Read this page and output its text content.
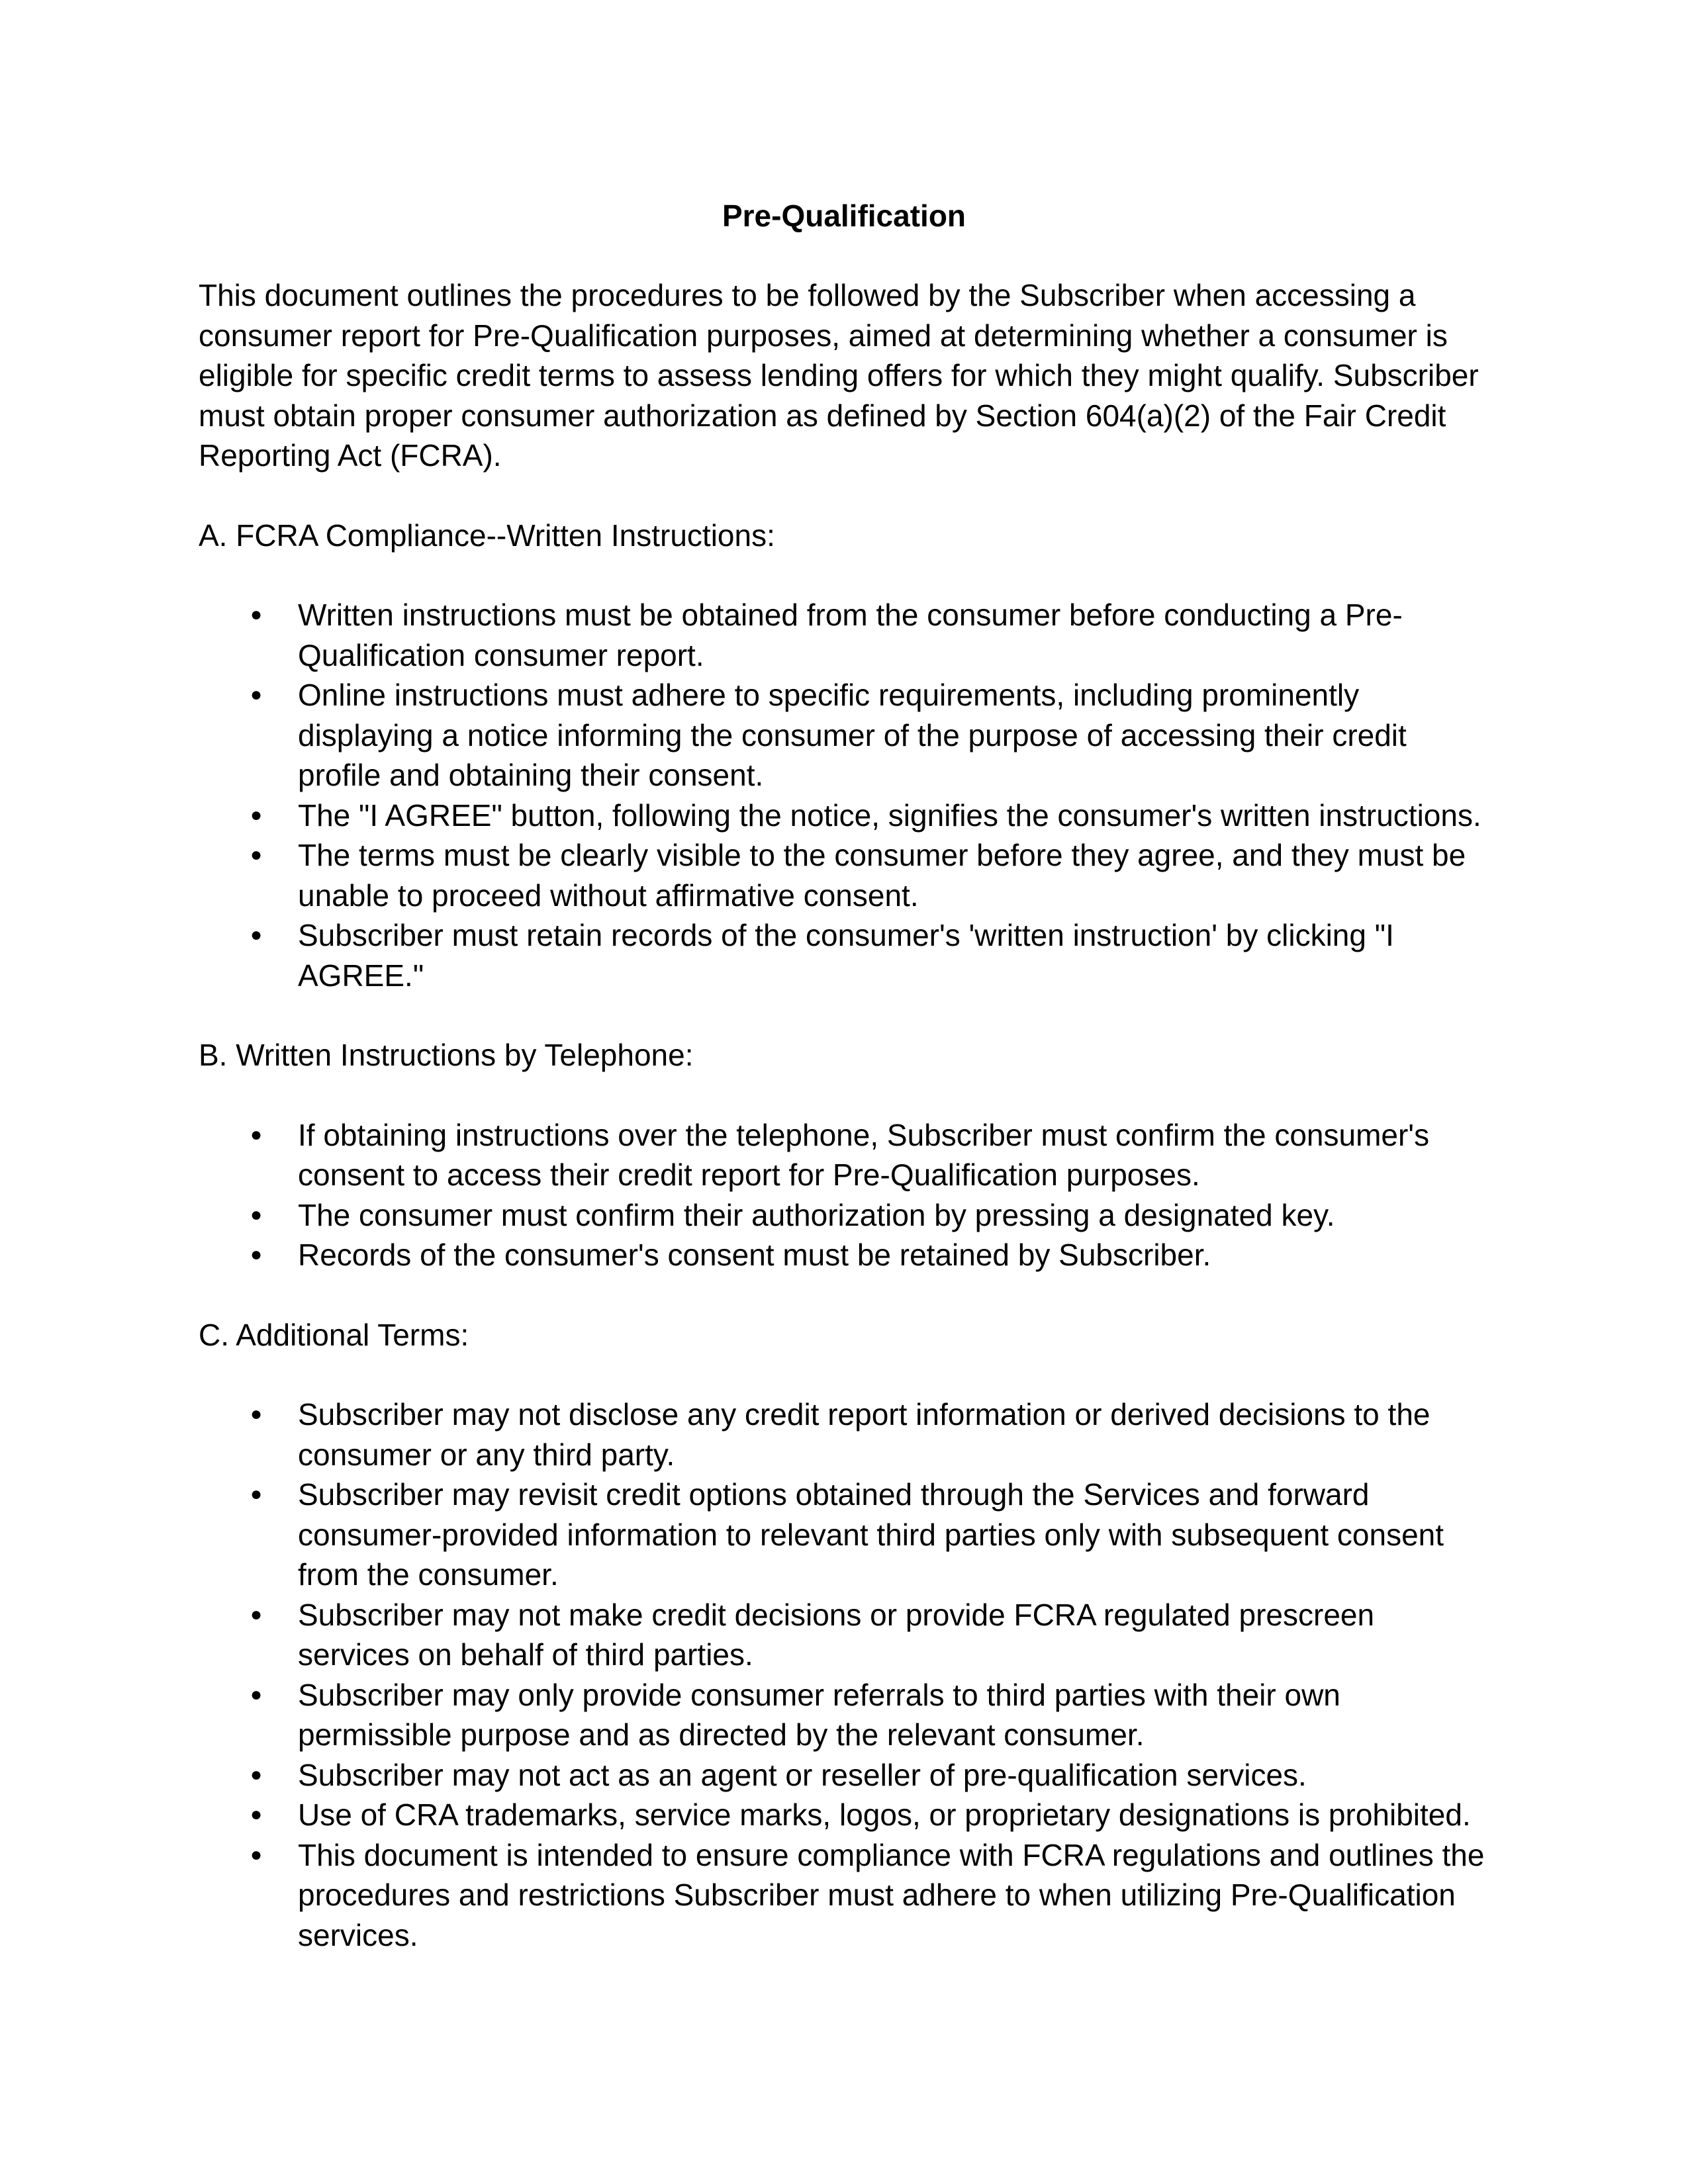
Pre-Qualification
This document outlines the procedures to be followed by the Subscriber when accessing a consumer report for Pre-Qualification purposes, aimed at determining whether a consumer is eligible for specific credit terms to assess lending offers for which they might qualify. Subscriber must obtain proper consumer authorization as defined by Section 604(a)(2) of the Fair Credit Reporting Act (FCRA).
A. FCRA Compliance--Written Instructions:
● Written instructions must be obtained from the consumer before conducting a Pre-Qualification consumer report.
● Online instructions must adhere to specific requirements, including prominently displaying a notice informing the consumer of the purpose of accessing their credit profile and obtaining their consent.
● The "I AGREE" button, following the notice, signifies the consumer's written instructions.
● The terms must be clearly visible to the consumer before they agree, and they must be unable to proceed without affirmative consent.
● Subscriber must retain records of the consumer's 'written instruction' by clicking "I AGREE."
B. Written Instructions by Telephone:
● If obtaining instructions over the telephone, Subscriber must confirm the consumer's consent to access their credit report for Pre-Qualification purposes.
● The consumer must confirm their authorization by pressing a designated key.
● Records of the consumer's consent must be retained by Subscriber.
C. Additional Terms:
● Subscriber may not disclose any credit report information or derived decisions to the consumer or any third party.
● Subscriber may revisit credit options obtained through the Services and forward consumer-provided information to relevant third parties only with subsequent consent from the consumer.
● Subscriber may not make credit decisions or provide FCRA regulated prescreen services on behalf of third parties.
● Subscriber may only provide consumer referrals to third parties with their own permissible purpose and as directed by the relevant consumer.
● Subscriber may not act as an agent or reseller of pre-qualification services.
● Use of CRA trademarks, service marks, logos, or proprietary designations is prohibited.
● This document is intended to ensure compliance with FCRA regulations and outlines the procedures and restrictions Subscriber must adhere to when utilizing Pre-Qualification services.
